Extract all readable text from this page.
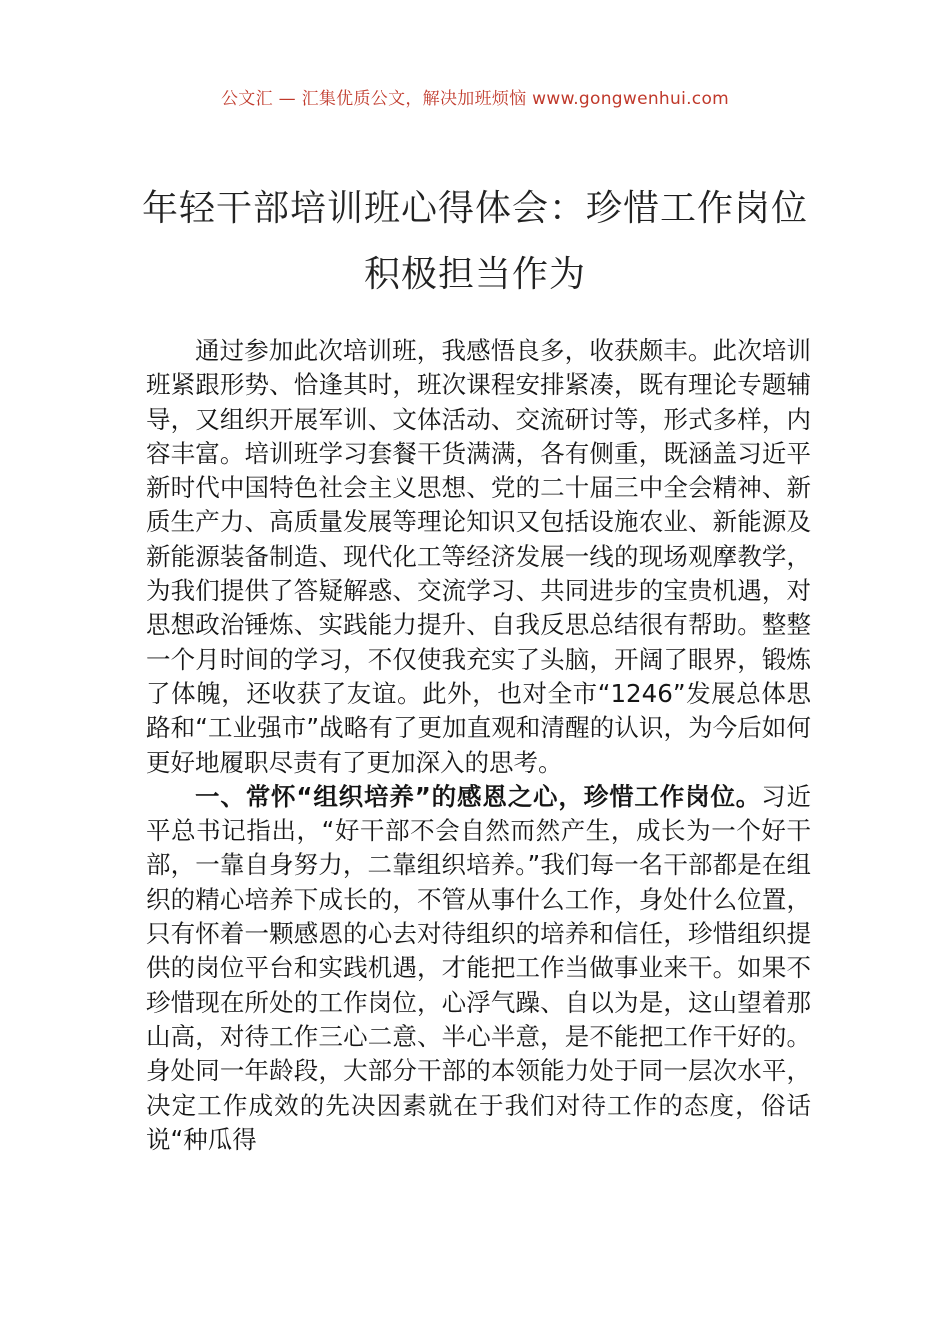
公文汇 — 汇集优质公文，解决加班烦恼 www.gongwenhui.com
年轻干部培训班心得体会：珍惜工作岗位
积极担当作为

通过参加此次培训班，我感悟良多，收获颇丰。此次培训班紧跟形势、恰逢其时，班次课程安排紧凑，既有理论专题辅导，又组织开展军训、文体活动、交流研讨等，形式多样，内容丰富。培训班学习套餐干货满满，各有侧重，既涵盖习近平新时代中国特色社会主义思想、党的二十届三中全会精神、新质生产力、高质量发展等理论知识又包括设施农业、新能源及新能源装备制造、现代化工等经济发展一线的现场观摩教学，为我们提供了答疑解惑、交流学习、共同进步的宝贵机遇，对思想政治锤炼、实践能力提升、自我反思总结很有帮助。整整一个月时间的学习，不仅使我充实了头脑，开阔了眼界，锻炼了体魄，还收获了友谊。此外，也对全市“1246”发展总体思路和“工业强市”战略有了更加直观和清醒的认识，为今后如何更好地履职尽责有了更加深入的思考。

一、常怀“组织培养”的感恩之心，珍惜工作岗位。习近平总书记指出，“好干部不会自然而然产生，成长为一个好干部，一靠自身努力，二靠组织培养。”我们每一名干部都是在组织的精心培养下成长的，不管从事什么工作，身处什么位置，只有怀着一颗感恩的心去对待组织的培养和信任，珍惜组织提供的岗位平台和实践机遇，才能把工作当做事业来干。如果不珍惜现在所处的工作岗位，心浮气躁、自以为是，这山望着那山高，对待工作三心二意、半心半意，是不能把工作干好的。身处同一年龄段，大部分干部的本领能力处于同一层次水平，决定工作成效的先决因素就在于我们对待工作的态度，俗话说“种瓜得
